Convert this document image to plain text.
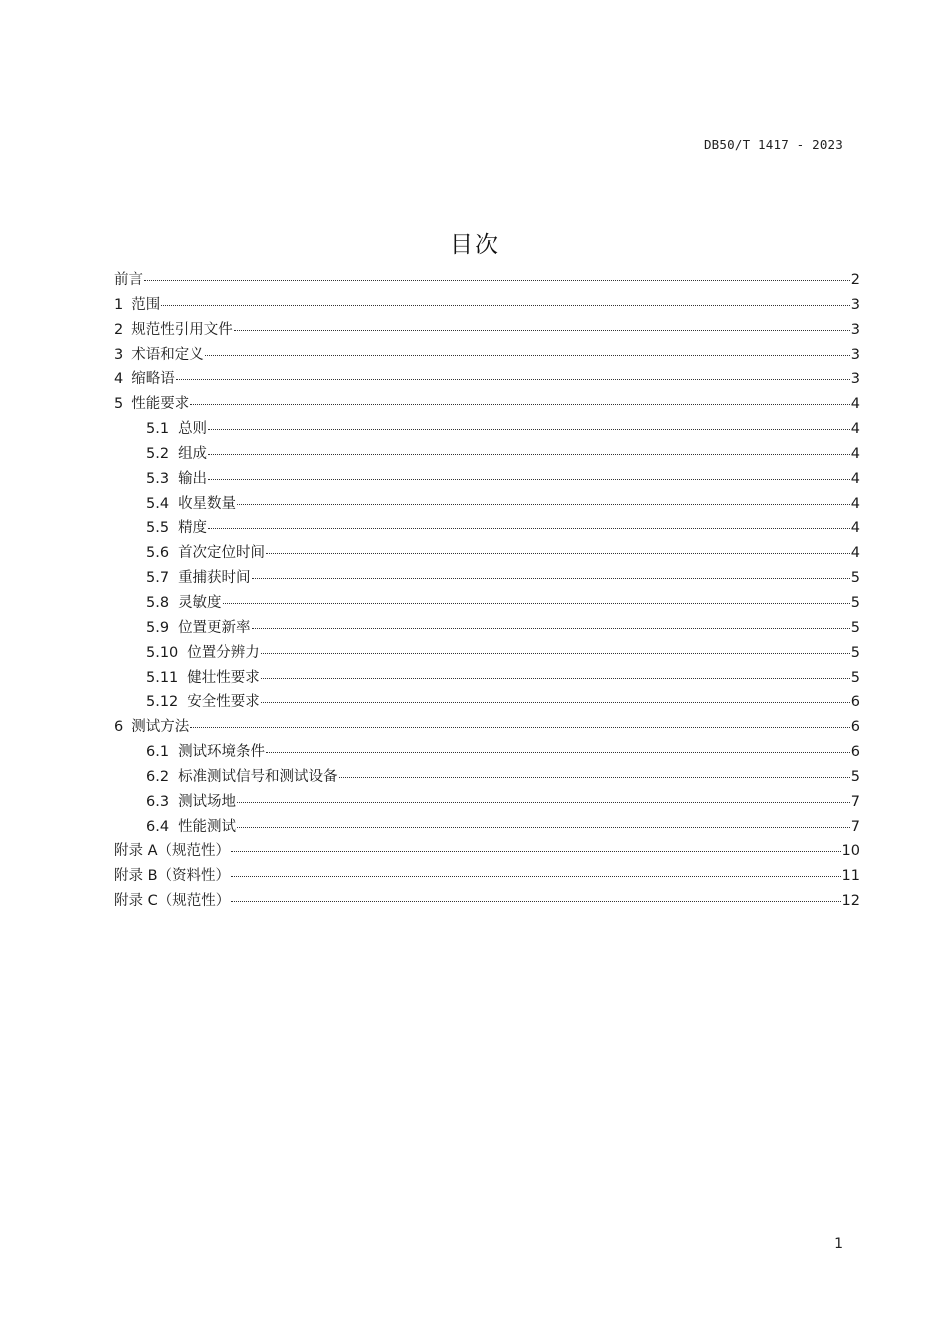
DB50/T 1417 - 2023
目次
前言	2
1 范围	3
2 规范性引用文件	3
3 术语和定义	3
4 缩略语	3
5 性能要求	4
5.1 总则	4
5.2 组成	4
5.3 输出	4
5.4 收星数量	4
5.5 精度	4
5.6 首次定位时间	4
5.7 重捕获时间	5
5.8 灵敏度	5
5.9 位置更新率	5
5.10 位置分辨力	5
5.11 健壮性要求	5
5.12 安全性要求	6
6 测试方法	6
6.1 测试环境条件	6
6.2 标准测试信号和测试设备	5
6.3 测试场地	7
6.4 性能测试	7
附录 A（规范性）	10
附录 B（资料性）	11
附录 C（规范性）	12
1
